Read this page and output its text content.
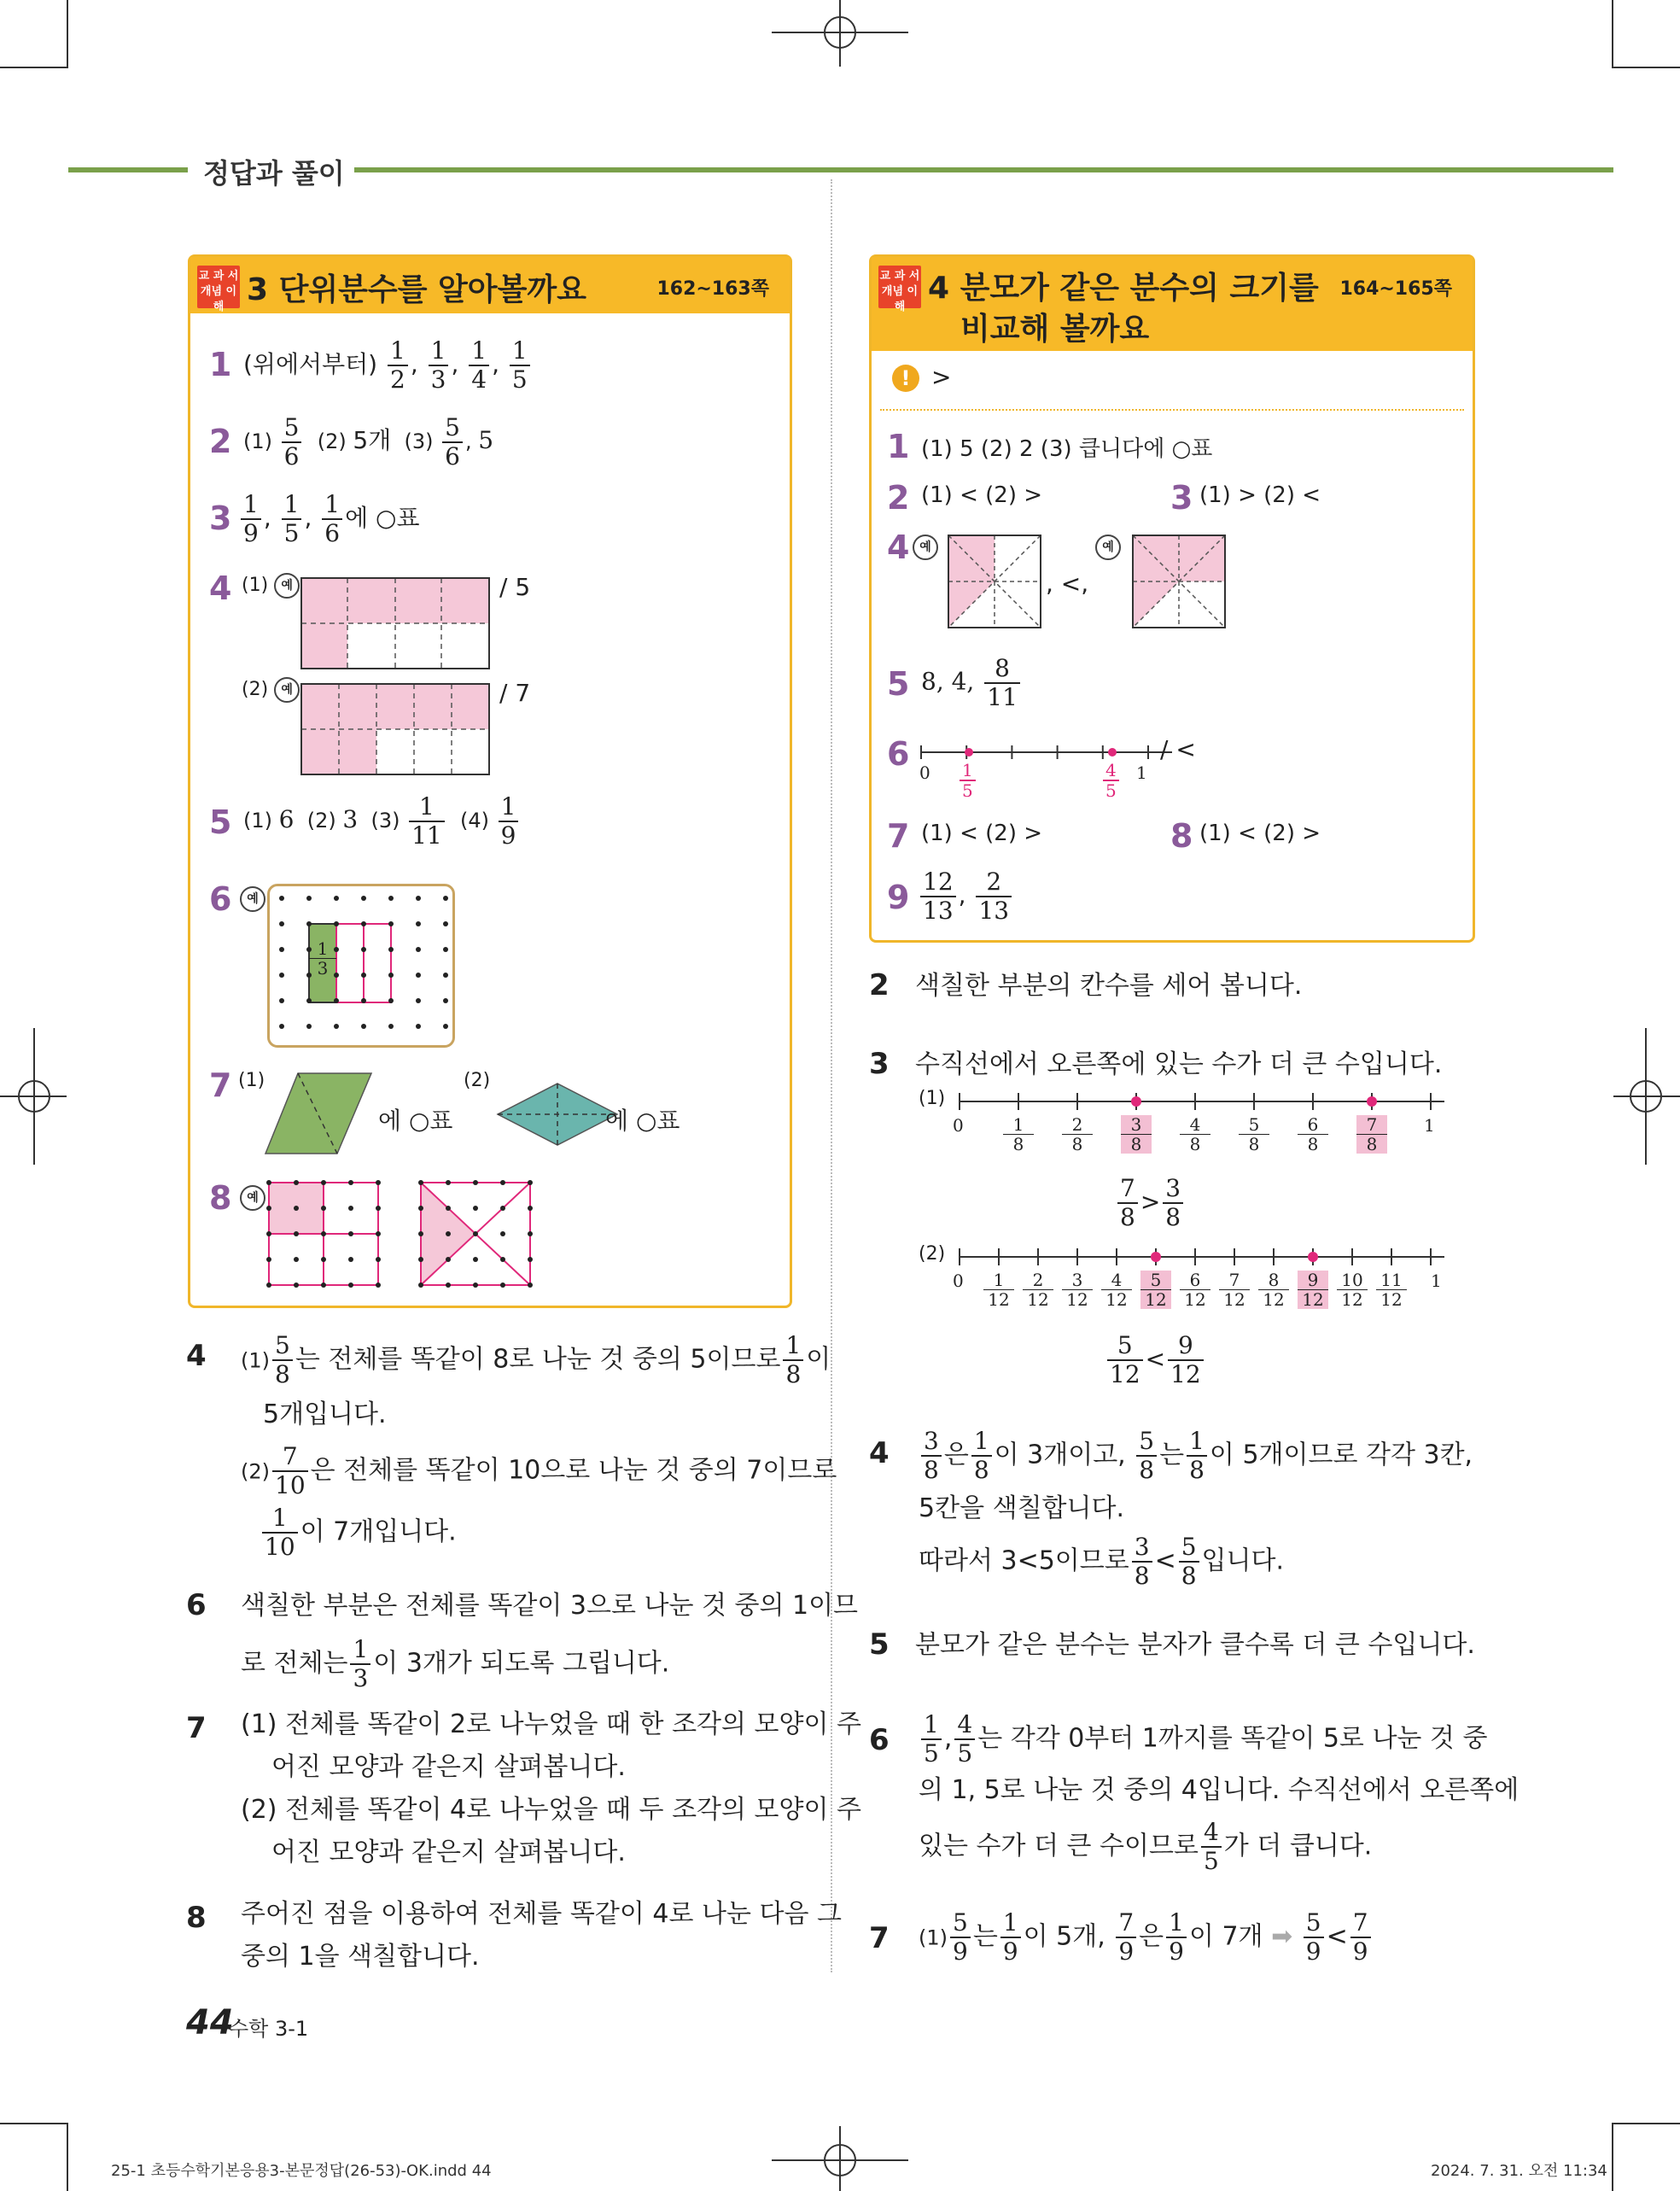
정답과 풀이
교 과 서
개념 이해 3 단위분수를 알아볼까요	162~163쪽
1 (위에서부터) $\frac{1}{2}$ , $\frac{1}{3}$ , $\frac{1}{4}$ , $\frac{1}{5}$
2 $(1) \frac{5}{6} (2)$ 5개 $(3) \frac{5}{6}$ , 5
$3 \frac{1}{9}$ , $\frac{1}{5}$ , $\frac{1}{6}$ 에 ○표
4 (1) 예	/ 5
(2) 예	/ 7
5 (1) 6 (2) 3 $(3) \frac{1}{11} (4) \frac{1}{9}$
6	예
$\frac{1}{3}$
7 (1)
에 ○표
(2)
에 ○표
8	예
교 과 서
개념 이해
4 분모가 같은 분수의 크기를
비교해 볼까요
164~165쪽
! >
1 (1) 5 (2) 2 (3) 큽니다에 ○표
2 (1) < (2) >	3 (1) > (2) <
4 예
, <,
예
5 8, 4, $\frac{8}{11}$
6 0	1
$\frac{1}{5}$	$\frac{4}{5}$
/ <
7 (1) < (2) >	8 (1) < (2) >
$9 \frac{12}{13}$ , $\frac{2}{13}$
4 $(1) \frac{5}{8}$ 는 전체를 똑같이 8로 나눈 것 중의 5이므로 $\frac{1}{8}$ 이
5개입니다.
$(2) \frac{7}{10}$ 은 전체를 똑같이 10으로 나눈 것 중의 7이므로
$\frac{1}{10}$ 이 7개입니다.
6 색칠한 부분은 전체를 똑같이 3으로 나눈 것 중의 1이므
로 전체는 $\frac{1}{3}$ 이 3개가 되도록 그립니다.
7 (1) 전체를 똑같이 2로 나누었을 때 한 조각의 모양이 주
어진 모양과 같은지 살펴봅니다.
(2) 전체를 똑같이 4로 나누었을 때 두 조각의 모양이 주
어진 모양과 같은지 살펴봅니다.
8 주어진 점을 이용하여 전체를 똑같이 4로 나눈 다음 그
중의 1을 색칠합니다.
2 색칠한 부분의 칸수를 세어 봅니다.
3 수직선에서 오른쪽에 있는 수가 더 큰 수입니다.
(1)
0	1
$\frac{1}{8} \frac{2}{8} \frac{3}{8} \frac{4}{8} \frac{5}{8} \frac{6}{8} \frac{7}{8}$
$\frac{7}{8} > \frac{3}{8}$
(2)
0	1
$\frac{1}{12} \frac{2}{12} \frac{3}{12} \frac{4}{12} \frac{5}{12} \frac{6}{12} \frac{7}{12} \frac{8}{12} \frac{9}{12} \frac{10}{12} \frac{11}{12}$
$\frac{5}{12} < \frac{9}{12}$
$4 \frac{3}{8}$ 은 $\frac{1}{8}$ 이 3개이고, $\frac{5}{8}$ 는 $\frac{1}{8}$ 이 5개이므로 각각 3칸,
5칸을 색칠합니다.
따라서 3<5이므로 $\frac{3}{8} < \frac{5}{8}$ 입니다.
5 분모가 같은 분수는 분자가 클수록 더 큰 수입니다.
$6 \frac{1}{5}$ , $\frac{4}{5}$ 는 각각 0부터 1까지를 똑같이 5로 나눈 것 중
의 1, 5로 나눈 것 중의 4입니다. 수직선에서 오른쪽에
있는 수가 더 큰 수이므로 $\frac{4}{5}$ 가 더 큽니다.
7 $(1) \frac{5}{9}$ 는 $\frac{1}{9}$ 이 5개, $\frac{7}{9}$ 은 $\frac{1}{9}$ 이 7개 ➡ $\frac{5}{9} < \frac{7}{9}$
44
수학 3-1
25-1 초등수학기본응용3-본문정답(26-53)-OK.indd 44	2024. 7. 31. 오전 11:34
